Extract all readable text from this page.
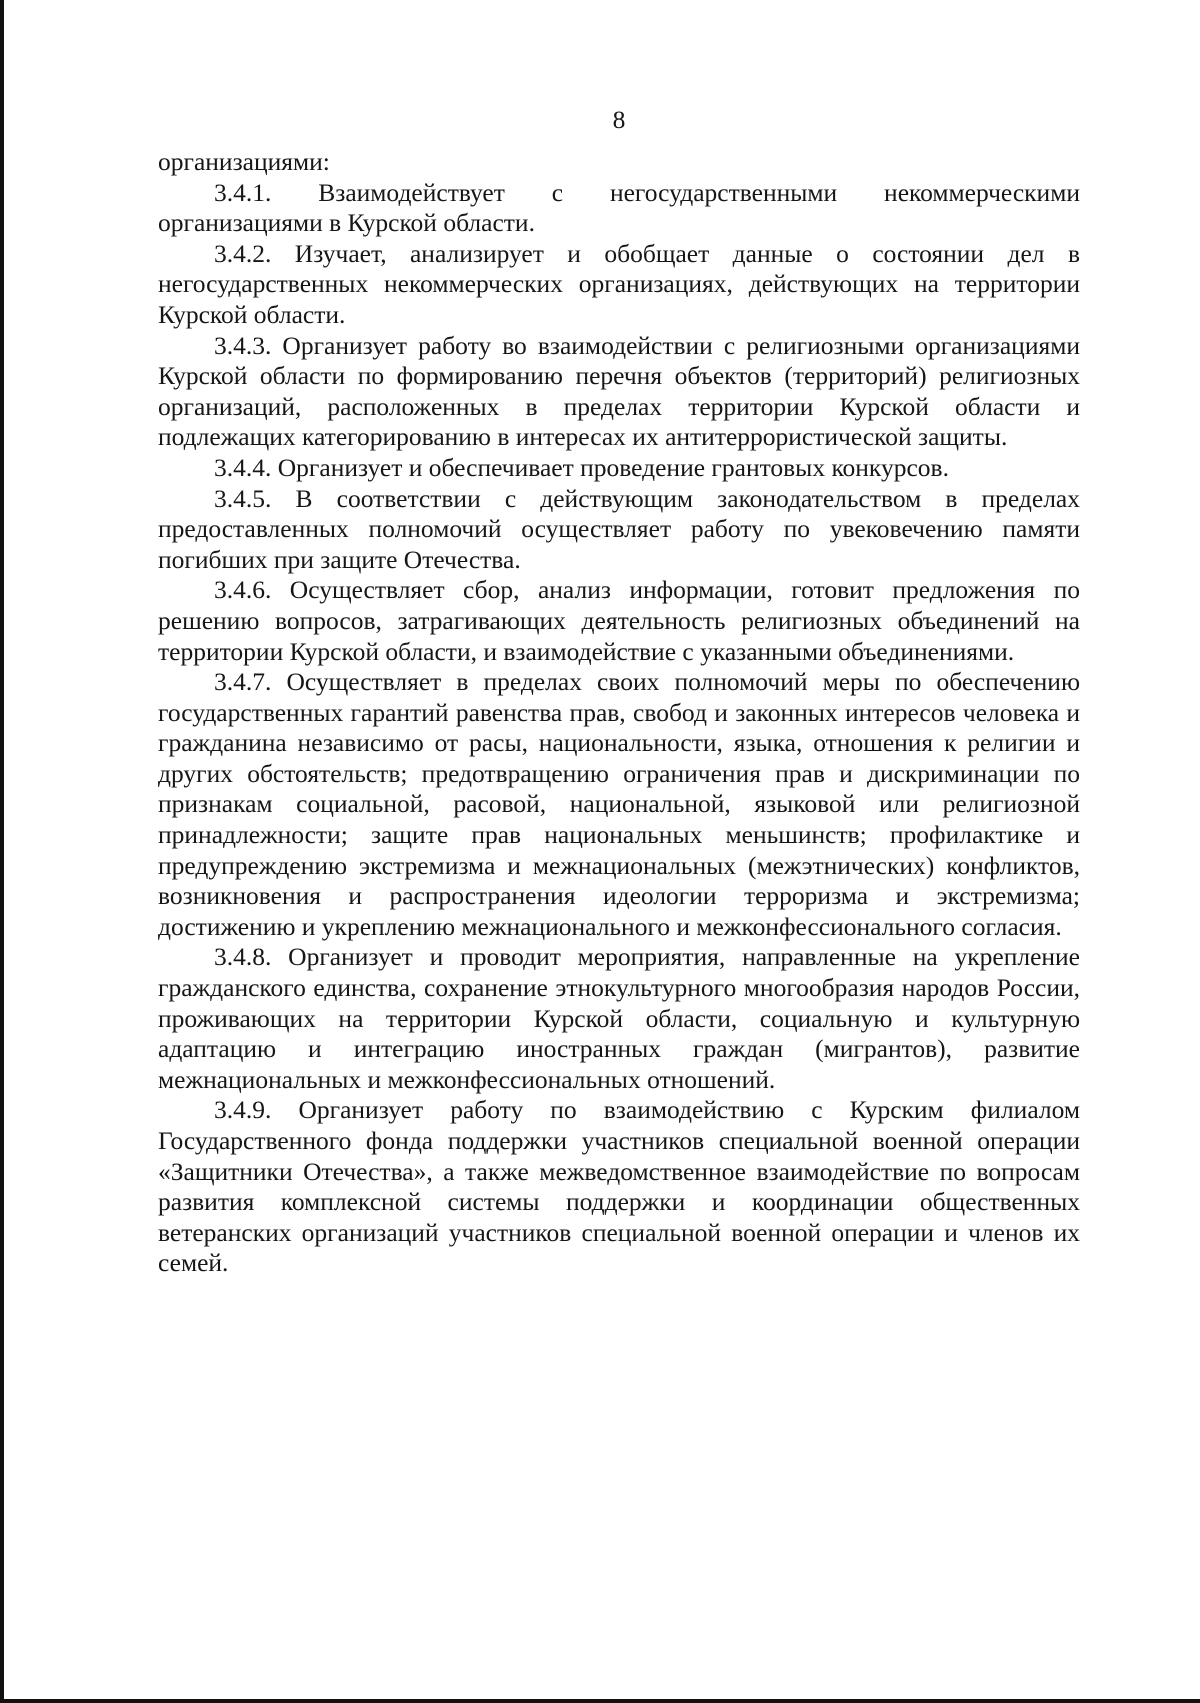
8

организациями:

3.4.1. Взаимодействует с негосударственными некоммерческими организациями в Курской области.

3.4.2. Изучает, анализирует и обобщает данные о состоянии дел в негосударственных некоммерческих организациях, действующих на территории Курской области.

3.4.3. Организует работу во взаимодействии с религиозными организациями Курской области по формированию перечня объектов (территорий) религиозных организаций, расположенных в пределах территории Курской области и подлежащих категорированию в интересах их антитеррористической защиты.

3.4.4. Организует и обеспечивает проведение грантовых конкурсов.

3.4.5. В соответствии с действующим законодательством в пределах предоставленных полномочий осуществляет работу по увековечению памяти погибших при защите Отечества.

3.4.6. Осуществляет сбор, анализ информации, готовит предложения по решению вопросов, затрагивающих деятельность религиозных объединений на территории Курской области, и взаимодействие с указанными объединениями.

3.4.7. Осуществляет в пределах своих полномочий меры по обеспечению государственных гарантий равенства прав, свобод и законных интересов человека и гражданина независимо от расы, национальности, языка, отношения к религии и других обстоятельств; предотвращению ограничения прав и дискриминации по признакам социальной, расовой, национальной, языковой или религиозной принадлежности; защите прав национальных меньшинств; профилактике и предупреждению экстремизма и межнациональных (межэтнических) конфликтов, возникновения и распространения идеологии терроризма и экстремизма; достижению и укреплению межнационального и межконфессионального согласия.

3.4.8. Организует и проводит мероприятия, направленные на укрепление гражданского единства, сохранение этнокультурного многообразия народов России, проживающих на территории Курской области, социальную и культурную адаптацию и интеграцию иностранных граждан (мигрантов), развитие межнациональных и межконфессиональных отношений.

3.4.9. Организует работу по взаимодействию с Курским филиалом Государственного фонда поддержки участников специальной военной операции «Защитники Отечества», а также межведомственное взаимодействие по вопросам развития комплексной системы поддержки и координации общественных ветеранских организаций участников специальной военной операции и членов их семей.
